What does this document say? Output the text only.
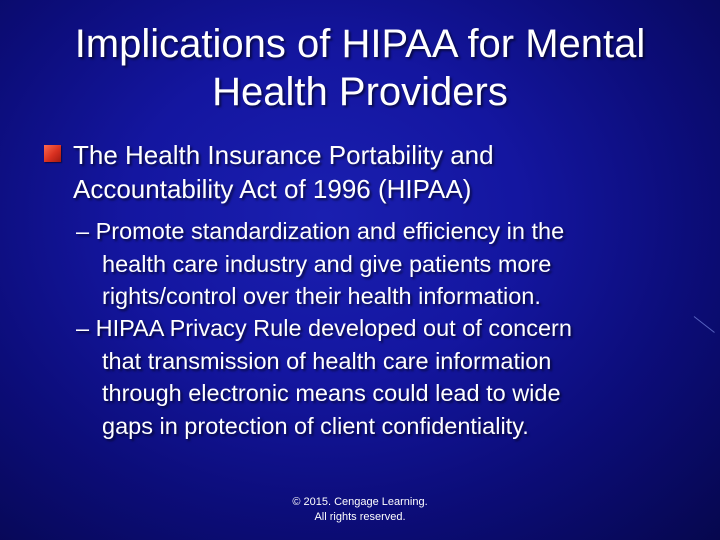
Implications of HIPAA for Mental
Health Providers
The Health Insurance Portability and
Accountability Act of 1996 (HIPAA)
– Promote standardization and efficiency in the
health care industry and give patients more
rights/control over their health information.
– HIPAA Privacy Rule developed out of concern
that transmission of health care information
through electronic means could lead to wide
gaps in protection of client confidentiality.
© 2015. Cengage Learning.
All rights reserved.
